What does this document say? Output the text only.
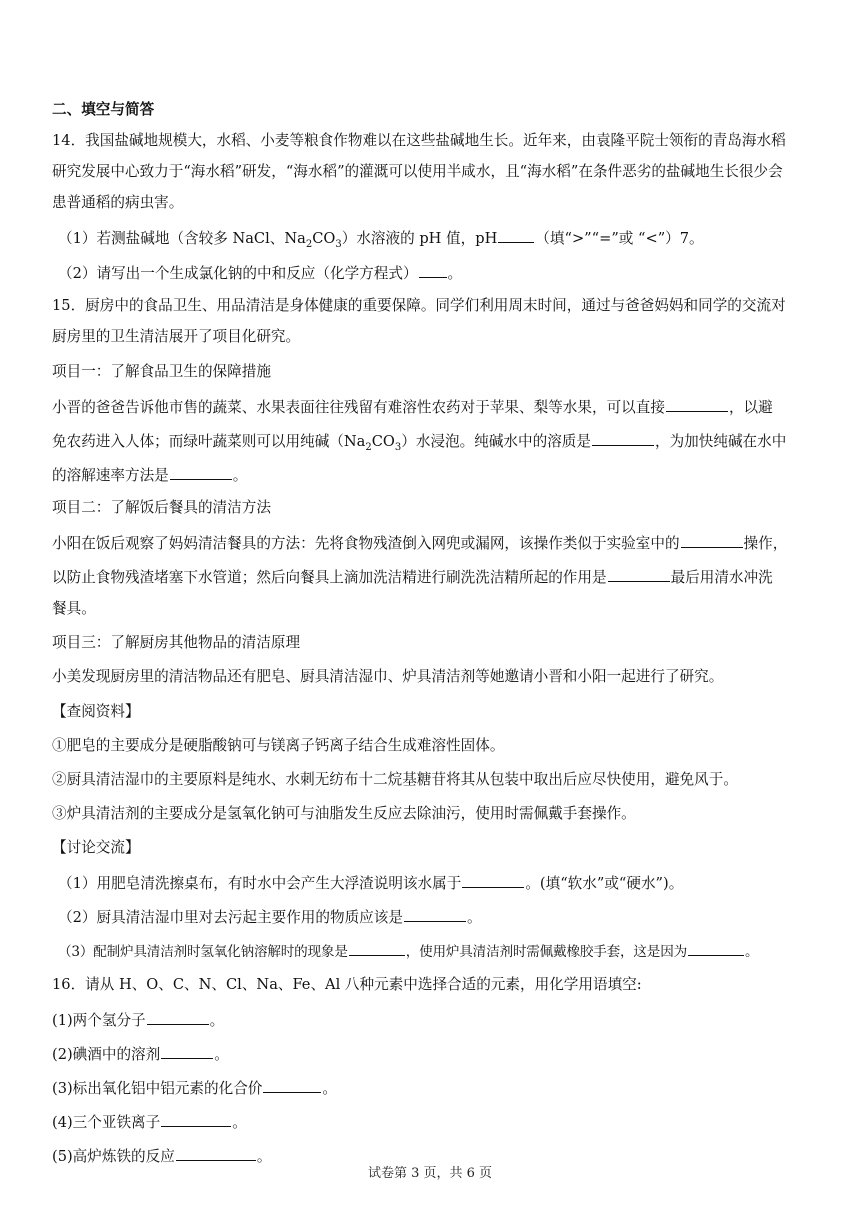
二、填空与简答
14．我国盐碱地规模大，水稻、小麦等粮食作物难以在这些盐碱地生长。近年来，由袁隆平院士领衔的青岛海水稻
研究发展中心致力于“海水稻”研发，“海水稻”的灌溉可以使用半咸水，且“海水稻”在条件恶劣的盐碱地生长很少会
患普通稻的病虫害。
（1）若测盐碱地（含较多 NaCl、$Na_2CO_3$）水溶液的 pH 值，pH	（填“>”“=”或 “<”）7。
（2）请写出一个生成氯化钠的中和反应（化学方程式） 。
15．厨房中的食品卫生、用品清洁是身体健康的重要保障。同学们利用周末时间，通过与爸爸妈妈和同学的交流对
厨房里的卫生清洁展开了项目化研究。
项目一：了解食品卫生的保障措施
小晋的爸爸告诉他市售的蔬菜、水果表面往往残留有难溶性农药对于苹果、梨等水果，可以直接	，以避
免农药进入人体；而绿叶蔬菜则可以用纯碱$(Na_2CO_3)$水浸泡。纯碱水中的溶质是	，为加快纯碱在水中
的溶解速率方法是	。
项目二：了解饭后餐具的清洁方法
小阳在饭后观察了妈妈清洁餐具的方法：先将食物残渣倒入网兜或漏网，该操作类似于实验室中的	操作，
以防止食物残渣堵塞下水管道；然后向餐具上滴加洗洁精进行刷洗洗洁精所起的作用是	最后用清水冲洗
餐具。
项目三：了解厨房其他物品的清洁原理
小美发现厨房里的清洁物品还有肥皂、厨具清洁湿巾、炉具清洁剂等她邀请小晋和小阳一起进行了研究。
【查阅资料】
①肥皂的主要成分是硬脂酸钠可与镁离子钙离子结合生成难溶性固体。
②厨具清洁湿巾的主要原料是纯水、水刺无纺布十二烷基糖苷将其从包装中取出后应尽快使用，避免风于。
③炉具清洁剂的主要成分是氢氧化钠可与油脂发生反应去除油污，使用时需佩戴手套操作。
【讨论交流】
（1）用肥皂清洗擦桌布，有时水中会产生大浮渣说明该水属于	。(填“软水”或“硬水”)。
（2）厨具清洁湿巾里对去污起主要作用的物质应该是	。
（3）配制炉具清洁剂时氢氧化钠溶解时的现象是	，使用炉具清洁剂时需佩戴橡胶手套，这是因为	。
16．请从 H、O、C、N、Cl、Na、Fe、Al 八种元素中选择合适的元素，用化学用语填空:
(1)两个氢分子	。
(2)碘酒中的溶剂	。
(3)标出氧化铝中铝元素的化合价	。
(4)三个亚铁离子	。
(5)高炉炼铁的反应	。
试卷第 3 页，共 6 页
